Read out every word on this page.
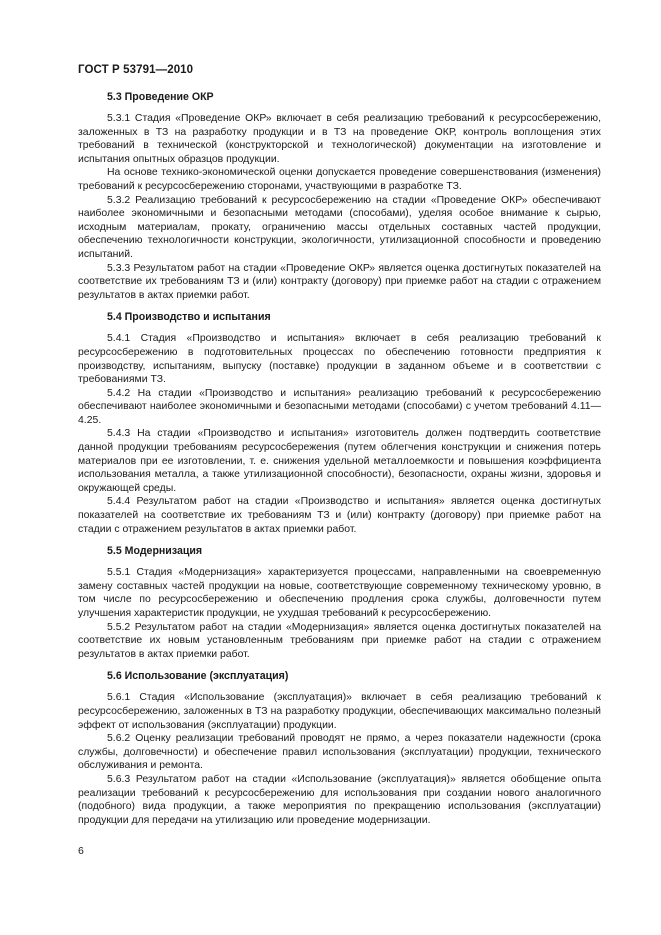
ГОСТ Р 53791—2010
5.3 Проведение ОКР

5.3.1 Стадия «Проведение ОКР» включает в себя реализацию требований к ресурсосбережению, заложенных в ТЗ на разработку продукции и в ТЗ на проведение ОКР, контроль воплощения этих требований в технической (конструкторской и технологической) документации на изготовление и испытания опытных образцов продукции.

На основе технико-экономической оценки допускается проведение совершенствования (изменения) требований к ресурсосбережению сторонами, участвующими в разработке ТЗ.

5.3.2 Реализацию требований к ресурсосбережению на стадии «Проведение ОКР» обеспечивают наиболее экономичными и безопасными методами (способами), уделяя особое внимание к сырью, исходным материалам, прокату, ограничению массы отдельных составных частей продукции, обеспечению технологичности конструкции, экологичности, утилизационной способности и проведению испытаний.

5.3.3 Результатом работ на стадии «Проведение ОКР» является оценка достигнутых показателей на соответствие их требованиям ТЗ и (или) контракту (договору) при приемке работ на стадии с отражением результатов в актах приемки работ.

5.4 Производство и испытания

5.4.1 Стадия «Производство и испытания» включает в себя реализацию требований к ресурсосбережению в подготовительных процессах по обеспечению готовности предприятия к производству, испытаниям, выпуску (поставке) продукции в заданном объеме и в соответствии с требованиями ТЗ.

5.4.2 На стадии «Производство и испытания» реализацию требований к ресурсосбережению обеспечивают наиболее экономичными и безопасными методами (способами) с учетом требований 4.11—4.25.

5.4.3 На стадии «Производство и испытания» изготовитель должен подтвердить соответствие данной продукции требованиям ресурсосбережения (путем облегчения конструкции и снижения потерь материалов при ее изготовлении, т. е. снижения удельной металлоемкости и повышения коэффициента использования металла, а также утилизационной способности), безопасности, охраны жизни, здоровья и окружающей среды.

5.4.4 Результатом работ на стадии «Производство и испытания» является оценка достигнутых показателей на соответствие их требованиям ТЗ и (или) контракту (договору) при приемке работ на стадии с отражением результатов в актах приемки работ.

5.5 Модернизация

5.5.1 Стадия «Модернизация» характеризуется процессами, направленными на своевременную замену составных частей продукции на новые, соответствующие современному техническому уровню, в том числе по ресурсосбережению и обеспечению продления срока службы, долговечности путем улучшения характеристик продукции, не ухудшая требований к ресурсосбережению.

5.5.2 Результатом работ на стадии «Модернизация» является оценка достигнутых показателей на соответствие их новым установленным требованиям при приемке работ на стадии с отражением результатов в актах приемки работ.

5.6 Использование (эксплуатация)

5.6.1 Стадия «Использование (эксплуатация)» включает в себя реализацию требований к ресурсосбережению, заложенных в ТЗ на разработку продукции, обеспечивающих максимально полезный эффект от использования (эксплуатации) продукции.

5.6.2 Оценку реализации требований проводят не прямо, а через показатели надежности (срока службы, долговечности) и обеспечение правил использования (эксплуатации) продукции, технического обслуживания и ремонта.

5.6.3 Результатом работ на стадии «Использование (эксплуатация)» является обобщение опыта реализации требований к ресурсосбережению для использования при создании нового аналогичного (подобного) вида продукции, а также мероприятия по прекращению использования (эксплуатации) продукции для передачи на утилизацию или проведение модернизации.

6
